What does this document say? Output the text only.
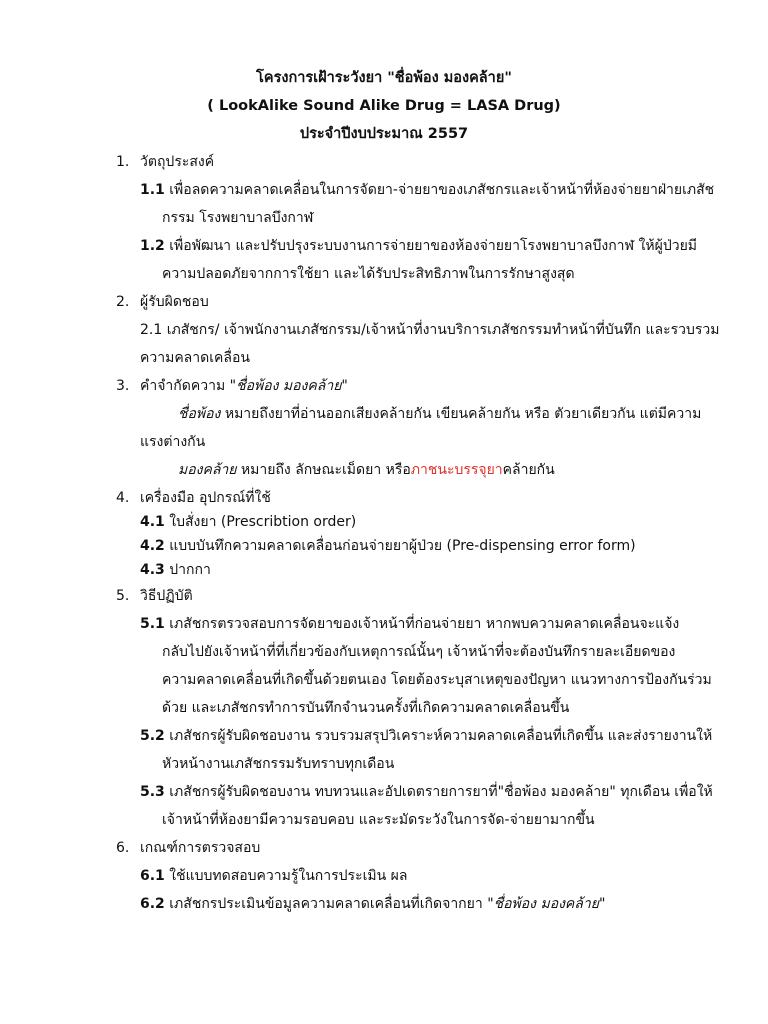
โครงการเฝ้าระวังยา "ชื่อพ้อง มองคล้าย"
( LookAlike Sound Alike Drug = LASA Drug)
ประจำปีงบประมาณ 2557
1. วัตถุประสงค์
1.1 เพื่อลดความคลาดเคลื่อนในการจัดยา-จ่ายยาของเภสัชกรและเจ้าหน้าที่ห้องจ่ายยาฝ่ายเภสัช
กรรม โรงพยาบาลบึงกาฬ
1.2 เพื่อพัฒนา และปรับปรุงระบบงานการจ่ายยาของห้องจ่ายยาโรงพยาบาลบึงกาฬ ให้ผู้ป่วยมี
ความปลอดภัยจากการใช้ยา และได้รับประสิทธิภาพในการรักษาสูงสุด
2. ผู้รับผิดชอบ
2.1 เภสัชกร/ เจ้าพนักงานเภสัชกรรม/เจ้าหน้าที่งานบริการเภสัชกรรมทำหน้าที่บันทึก และรวบรวม
ความคลาดเคลื่อน
3. คำจำกัดความ "ชื่อพ้อง มองคล้าย"
ชื่อพ้อง หมายถึงยาที่อ่านออกเสียงคล้ายกัน เขียนคล้ายกัน หรือ ตัวยาเดียวกัน แต่มีความ
แรงต่างกัน
มองคล้าย หมายถึง ลักษณะเม็ดยา หรือภาชนะบรรจุยาคล้ายกัน
4. เครื่องมือ อุปกรณ์ที่ใช้
4.1 ใบสั่งยา (Prescribtion order)
4.2 แบบบันทึกความคลาดเคลื่อนก่อนจ่ายยาผู้ป่วย (Pre-dispensing error form)
4.3 ปากกา
5. วิธีปฏิบัติ
5.1 เภสัชกรตรวจสอบการจัดยาของเจ้าหน้าที่ก่อนจ่ายยา หากพบความคลาดเคลื่อนจะแจ้ง
กลับไปยังเจ้าหน้าที่ที่เกี่ยวข้องกับเหตุการณ์นั้นๆ เจ้าหน้าที่จะต้องบันทึกรายละเอียดของ
ความคลาดเคลื่อนที่เกิดขึ้นด้วยตนเอง โดยต้องระบุสาเหตุของปัญหา แนวทางการป้องกันร่วม
ด้วย และเภสัชกรทำการบันทึกจำนวนครั้งที่เกิดความคลาดเคลื่อนขึ้น
5.2 เภสัชกรผู้รับผิดชอบงาน รวบรวมสรุปวิเคราะห์ความคลาดเคลื่อนที่เกิดขึ้น และส่งรายงานให้
หัวหน้างานเภสัชกรรมรับทราบทุกเดือน
5.3 เภสัชกรผู้รับผิดชอบงาน ทบทวนและอัปเดตรายการยาที่"ชื่อพ้อง มองคล้าย" ทุกเดือน เพื่อให้
เจ้าหน้าที่ห้องยามีความรอบคอบ และระมัดระวังในการจัด-จ่ายยามากขึ้น
6. เกณฑ์การตรวจสอบ
6.1 ใช้แบบทดสอบความรู้ในการประเมิน ผล
6.2 เภสัชกรประเมินข้อมูลความคลาดเคลื่อนที่เกิดจากยา "ชื่อพ้อง มองคล้าย"
